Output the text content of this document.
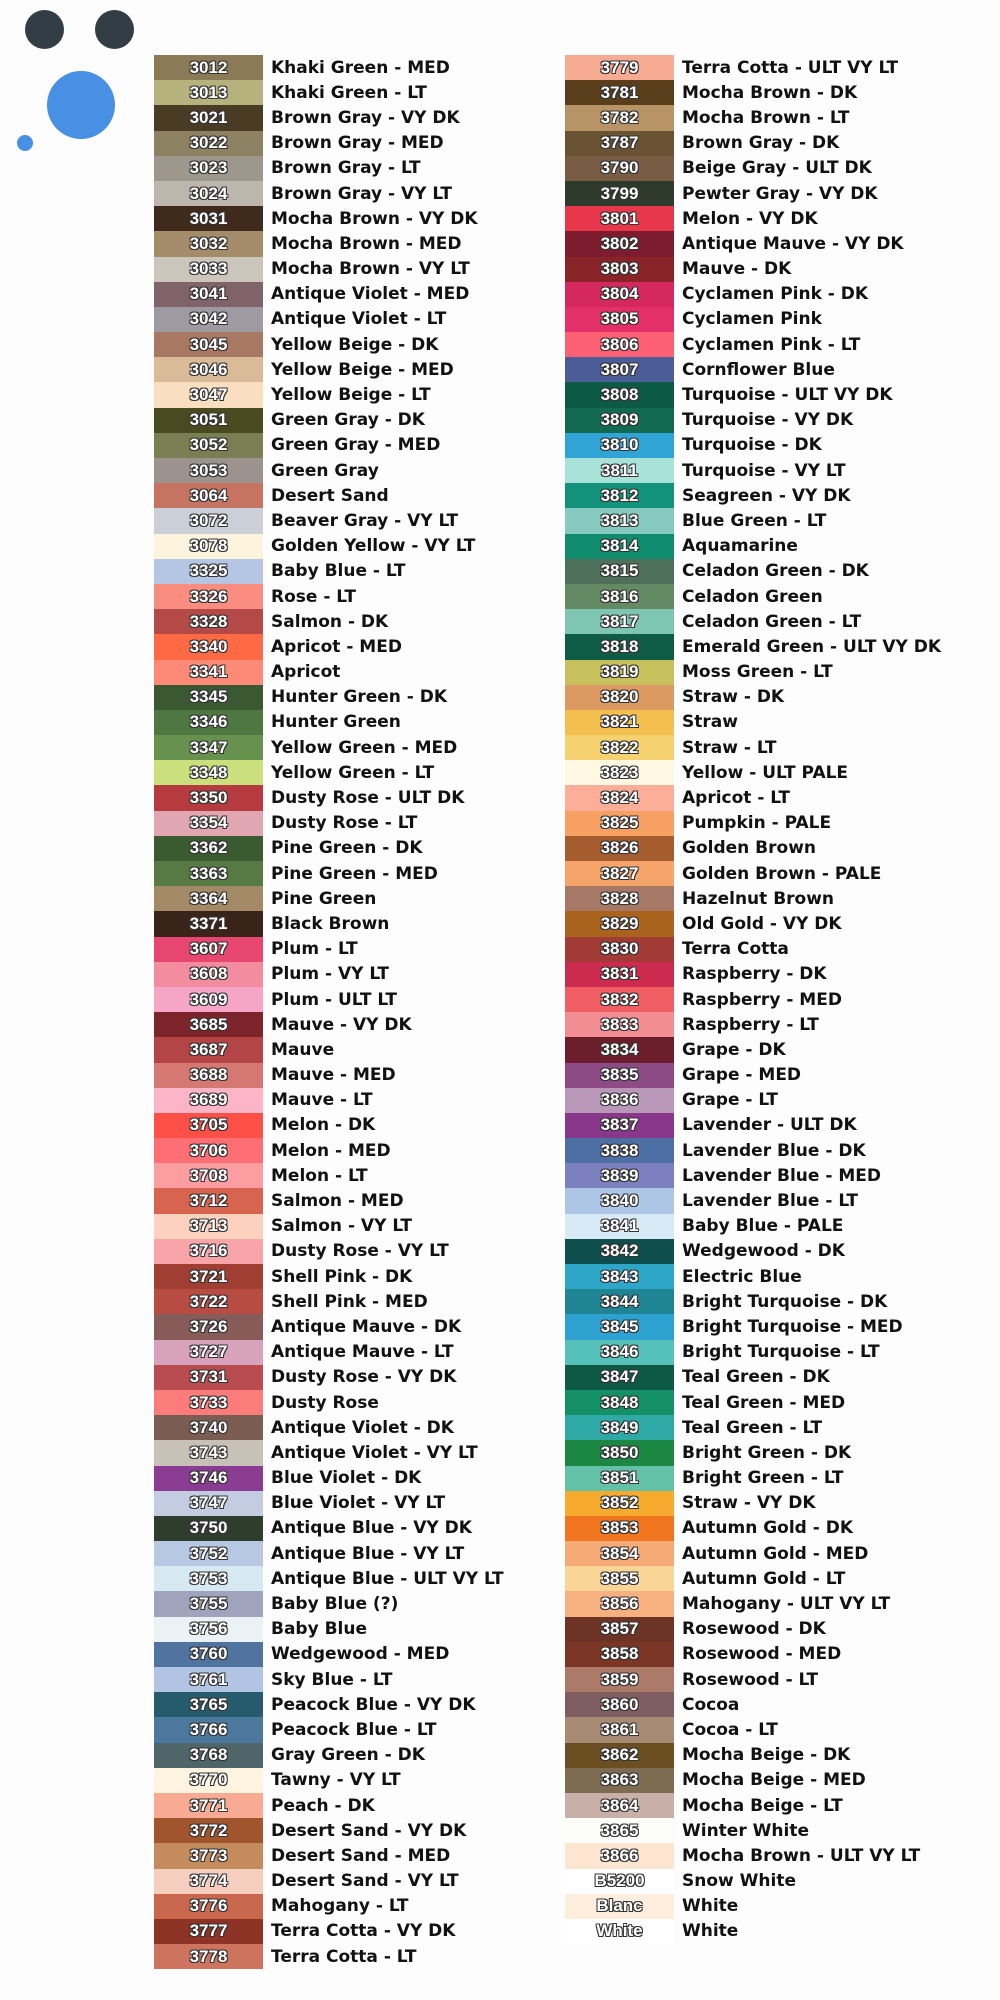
3012	Khaki Green - MED
3013	Khaki Green - LT
3021	Brown Gray - VY DK
3022	Brown Gray - MED
3023	Brown Gray - LT
3024	Brown Gray - VY LT
3031	Mocha Brown - VY DK
3032	Mocha Brown - MED
3033	Mocha Brown - VY LT
3041	Antique Violet - MED
3042	Antique Violet - LT
3045	Yellow Beige - DK
3046	Yellow Beige - MED
3047	Yellow Beige - LT
3051	Green Gray - DK
3052	Green Gray - MED
3053	Green Gray
3064	Desert Sand
3072	Beaver Gray - VY LT
3078	Golden Yellow - VY LT
3325	Baby Blue - LT
3326	Rose - LT
3328	Salmon - DK
3340	Apricot - MED
3341	Apricot
3345	Hunter Green - DK
3346	Hunter Green
3347	Yellow Green - MED
3348	Yellow Green - LT
3350	Dusty Rose - ULT DK
3354	Dusty Rose - LT
3362	Pine Green - DK
3363	Pine Green - MED
3364	Pine Green
3371	Black Brown
3607	Plum - LT
3608	Plum - VY LT
3609	Plum - ULT LT
3685	Mauve - VY DK
3687	Mauve
3688	Mauve - MED
3689	Mauve - LT
3705	Melon - DK
3706	Melon - MED
3708	Melon - LT
3712	Salmon - MED
3713	Salmon - VY LT
3716	Dusty Rose - VY LT
3721	Shell Pink - DK
3722	Shell Pink - MED
3726	Antique Mauve - DK
3727	Antique Mauve - LT
3731	Dusty Rose - VY DK
3733	Dusty Rose
3740	Antique Violet - DK
3743	Antique Violet - VY LT
3746	Blue Violet - DK
3747	Blue Violet - VY LT
3750	Antique Blue - VY DK
3752	Antique Blue - VY LT
3753	Antique Blue - ULT VY LT
3755	Baby Blue (?)
3756	Baby Blue
3760	Wedgewood - MED
3761	Sky Blue - LT
3765	Peacock Blue - VY DK
3766	Peacock Blue - LT
3768	Gray Green - DK
3770	Tawny - VY LT
3771	Peach - DK
3772	Desert Sand - VY DK
3773	Desert Sand - MED
3774	Desert Sand - VY LT
3776	Mahogany - LT
3777	Terra Cotta - VY DK
3778	Terra Cotta - LT
3779	Terra Cotta - ULT VY LT
3781	Mocha Brown - DK
3782	Mocha Brown - LT
3787	Brown Gray - DK
3790	Beige Gray - ULT DK
3799	Pewter Gray - VY DK
3801	Melon - VY DK
3802	Antique Mauve - VY DK
3803	Mauve - DK
3804	Cyclamen Pink - DK
3805	Cyclamen Pink
3806	Cyclamen Pink - LT
3807	Cornflower Blue
3808	Turquoise - ULT VY DK
3809	Turquoise - VY DK
3810	Turquoise - DK
3811	Turquoise - VY LT
3812	Seagreen - VY DK
3813	Blue Green - LT
3814	Aquamarine
3815	Celadon Green - DK
3816	Celadon Green
3817	Celadon Green - LT
3818	Emerald Green - ULT VY DK
3819	Moss Green - LT
3820	Straw - DK
3821	Straw
3822	Straw - LT
3823	Yellow - ULT PALE
3824	Apricot - LT
3825	Pumpkin - PALE
3826	Golden Brown
3827	Golden Brown - PALE
3828	Hazelnut Brown
3829	Old Gold - VY DK
3830	Terra Cotta
3831	Raspberry - DK
3832	Raspberry - MED
3833	Raspberry - LT
3834	Grape - DK
3835	Grape - MED
3836	Grape - LT
3837	Lavender - ULT DK
3838	Lavender Blue - DK
3839	Lavender Blue - MED
3840	Lavender Blue - LT
3841	Baby Blue - PALE
3842	Wedgewood - DK
3843	Electric Blue
3844	Bright Turquoise - DK
3845	Bright Turquoise - MED
3846	Bright Turquoise - LT
3847	Teal Green - DK
3848	Teal Green - MED
3849	Teal Green - LT
3850	Bright Green - DK
3851	Bright Green - LT
3852	Straw - VY DK
3853	Autumn Gold - DK
3854	Autumn Gold - MED
3855	Autumn Gold - LT
3856	Mahogany - ULT VY LT
3857	Rosewood - DK
3858	Rosewood - MED
3859	Rosewood - LT
3860	Cocoa
3861	Cocoa - LT
3862	Mocha Beige - DK
3863	Mocha Beige - MED
3864	Mocha Beige - LT
3865	Winter White
3866	Mocha Brown - ULT VY LT
B5200	Snow White
Blanc	White
White	White
